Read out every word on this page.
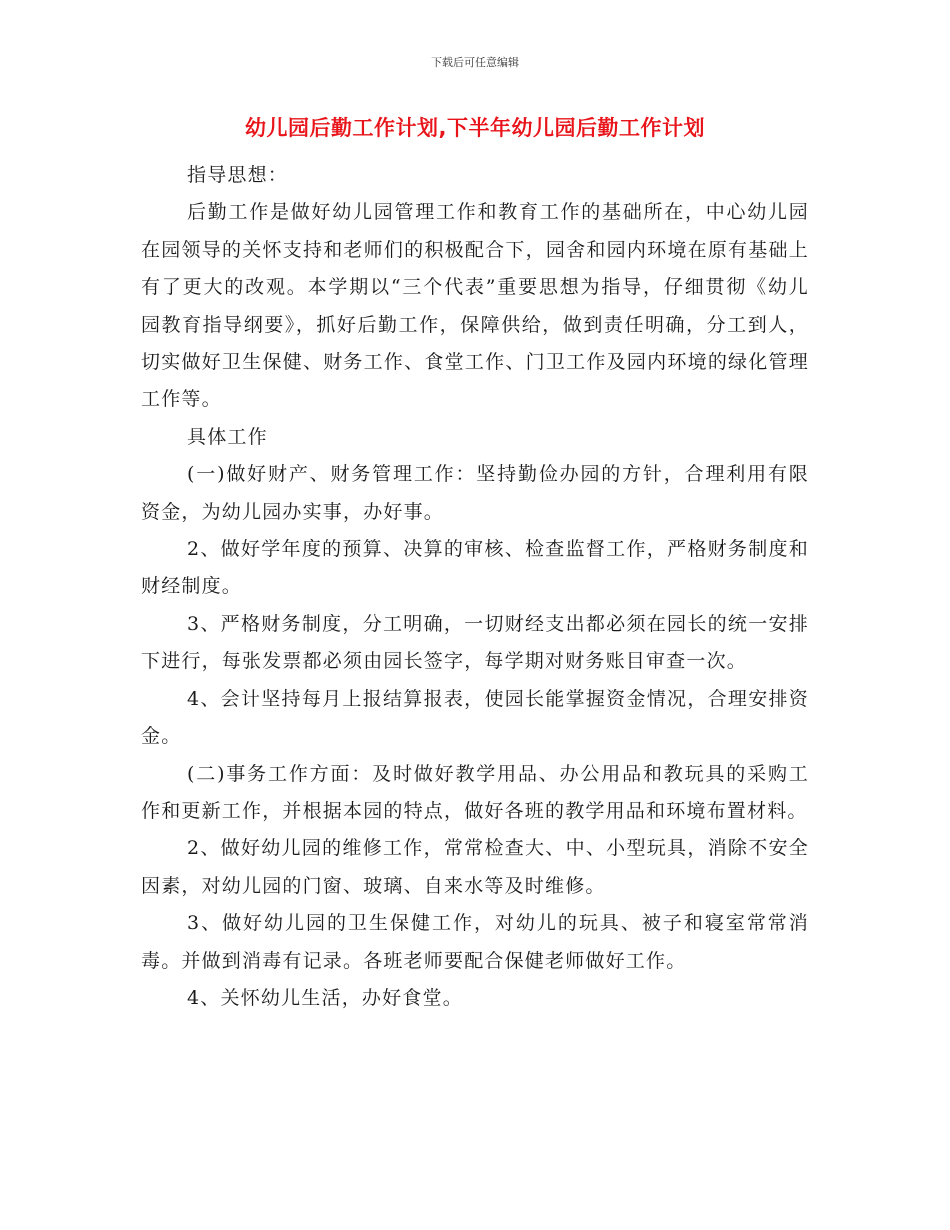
下载后可任意编辑
幼儿园后勤工作计划,下半年幼儿园后勤工作计划

指导思想：

后勤工作是做好幼儿园管理工作和教育工作的基础所在，中心幼儿园在园领导的关怀支持和老师们的积极配合下，园舍和园内环境在原有基础上有了更大的改观。本学期以“三个代表”重要思想为指导，仔细贯彻《幼儿园教育指导纲要》，抓好后勤工作，保障供给，做到责任明确，分工到人，切实做好卫生保健、财务工作、食堂工作、门卫工作及园内环境的绿化管理工作等。

具体工作

(一)做好财产、财务管理工作：坚持勤俭办园的方针，合理利用有限资金，为幼儿园办实事，办好事。

2、做好学年度的预算、决算的审核、检查监督工作，严格财务制度和财经制度。

3、严格财务制度，分工明确，一切财经支出都必须在园长的统一安排下进行，每张发票都必须由园长签字，每学期对财务账目审查一次。

4、会计坚持每月上报结算报表，使园长能掌握资金情况，合理安排资金。

(二)事务工作方面：及时做好教学用品、办公用品和教玩具的采购工作和更新工作，并根据本园的特点，做好各班的教学用品和环境布置材料。

2、做好幼儿园的维修工作，常常检查大、中、小型玩具，消除不安全因素，对幼儿园的门窗、玻璃、自来水等及时维修。

3、做好幼儿园的卫生保健工作，对幼儿的玩具、被子和寝室常常消毒。并做到消毒有记录。各班老师要配合保健老师做好工作。

4、关怀幼儿生活，办好食堂。
